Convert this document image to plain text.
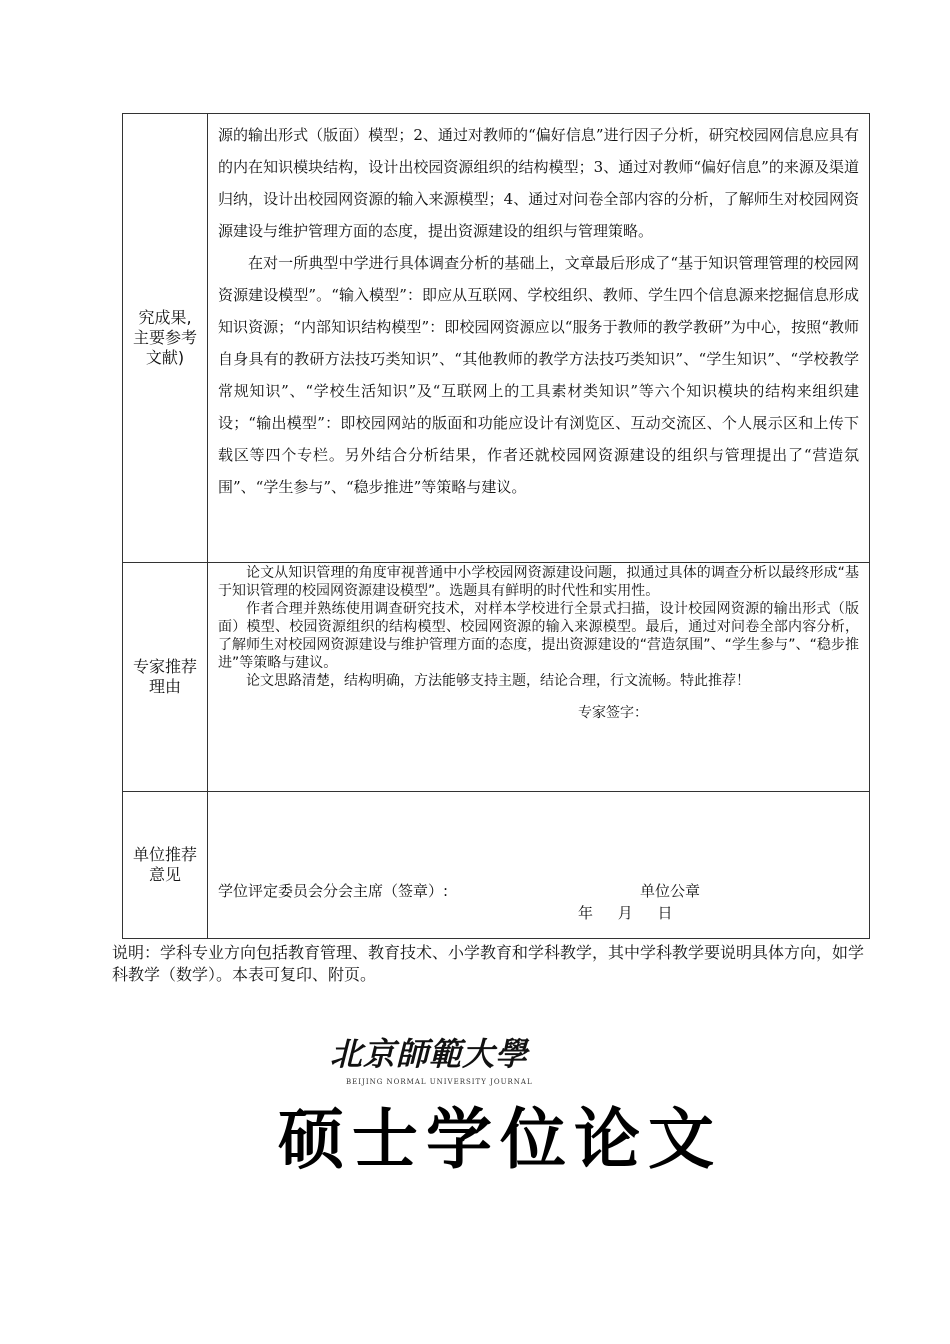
究成果,主要参考文献)	源的输出形式（版面）模型；2、通过对教师的“偏好信息”进行因子分析，研究校园网信息应具有的内在知识模块结构，设计出校园资源组织的结构模型；3、通过对教师“偏好信息”的来源及渠道归纳，设计出校园网资源的输入来源模型；4、通过对问卷全部内容的分析，了解师生对校园网资源建设与维护管理方面的态度，提出资源建设的组织与管理策略。

在对一所典型中学进行具体调查分析的基础上，文章最后形成了“基于知识管理管理的校园网资源建设模型”。“输入模型”：即应从互联网、学校组织、教师、学生四个信息源来挖掘信息形成知识资源；“内部知识结构模型”：即校园网资源应以“服务于教师的教学教研”为中心，按照“教师自身具有的教研方法技巧类知识”、“其他教师的教学方法技巧类知识”、“学生知识”、“学校教学常规知识”、“学校生活知识”及“互联网上的工具素材类知识”等六个知识模块的结构来组织建设；“输出模型”：即校园网站的版面和功能应设计有浏览区、互动交流区、个人展示区和上传下载区等四个专栏。另外结合分析结果，作者还就校园网资源建设的组织与管理提出了“营造氛围”、“学生参与”、“稳步推进”等策略与建议。

专家推荐理由	论文从知识管理的角度审视普通中小学校园网资源建设问题，拟通过具体的调查分析以最终形成“基于知识管理的校园网资源建设模型”。选题具有鲜明的时代性和实用性。

作者合理并熟练使用调查研究技术，对样本学校进行全景式扫描，设计校园网资源的输出形式（版面）模型、校园资源组织的结构模型、校园网资源的输入来源模型。最后，通过对问卷全部内容分析，了解师生对校园网资源建设与维护管理方面的态度，提出资源建设的“营造氛围”、“学生参与”、“稳步推进”等策略与建议。

论文思路清楚，结构明确，方法能够支持主题，结论合理，行文流畅。特此推荐！

专家签字：

单位推荐意见	学位评定委员会分会主席（签章）: 单位公章
年 月 日
说明：学科专业方向包括教育管理、教育技术、小学教育和学科教学，其中学科教学要说明具体方向，如学科教学（数学）。本表可复印、附页。
北京師範大學
BEIJING NORMAL UNIVERSITY JOURNAL
硕士学位论文
